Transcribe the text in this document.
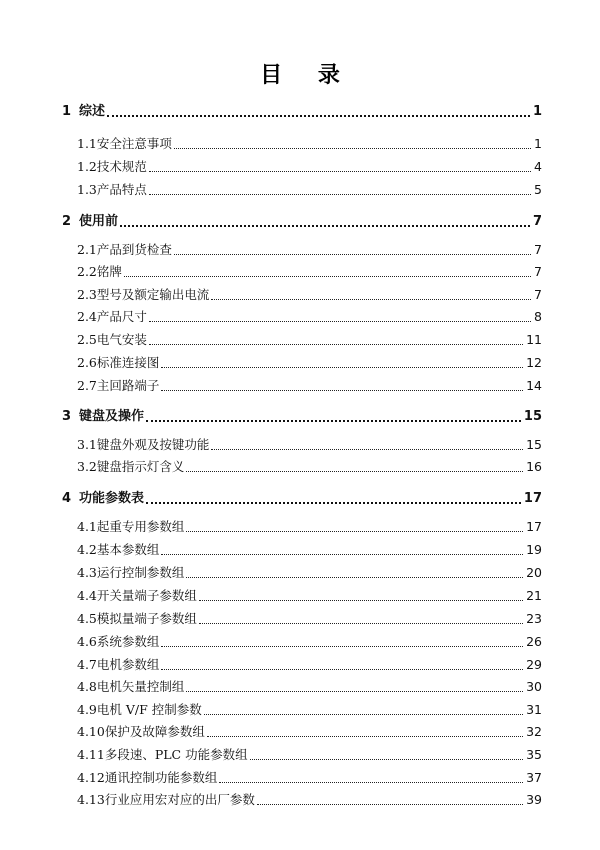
目 录
1 综述	1
1.1 安全注意事项	1
1.2 技术规范	4
1.3 产品特点	5
2 使用前	7
2.1 产品到货检查	7
2.2 铭牌	7
2.3 型号及额定输出电流	7
2.4 产品尺寸	8
2.5 电气安装	11
2.6 标准连接图	12
2.7 主回路端子	14
3 键盘及操作	15
3.1 键盘外观及按键功能	15
3.2 键盘指示灯含义	16
4 功能参数表	17
4.1 起重专用参数组	17
4.2 基本参数组	19
4.3 运行控制参数组	20
4.4 开关量端子参数组	21
4.5 模拟量端子参数组	23
4.6 系统参数组	26
4.7 电机参数组	29
4.8 电机矢量控制组	30
4.9 电机 V/F 控制参数	31
4.10 保护及故障参数组	32
4.11 多段速、PLC 功能参数组	35
4.12 通讯控制功能参数组	37
4.13 行业应用宏对应的出厂参数	39
